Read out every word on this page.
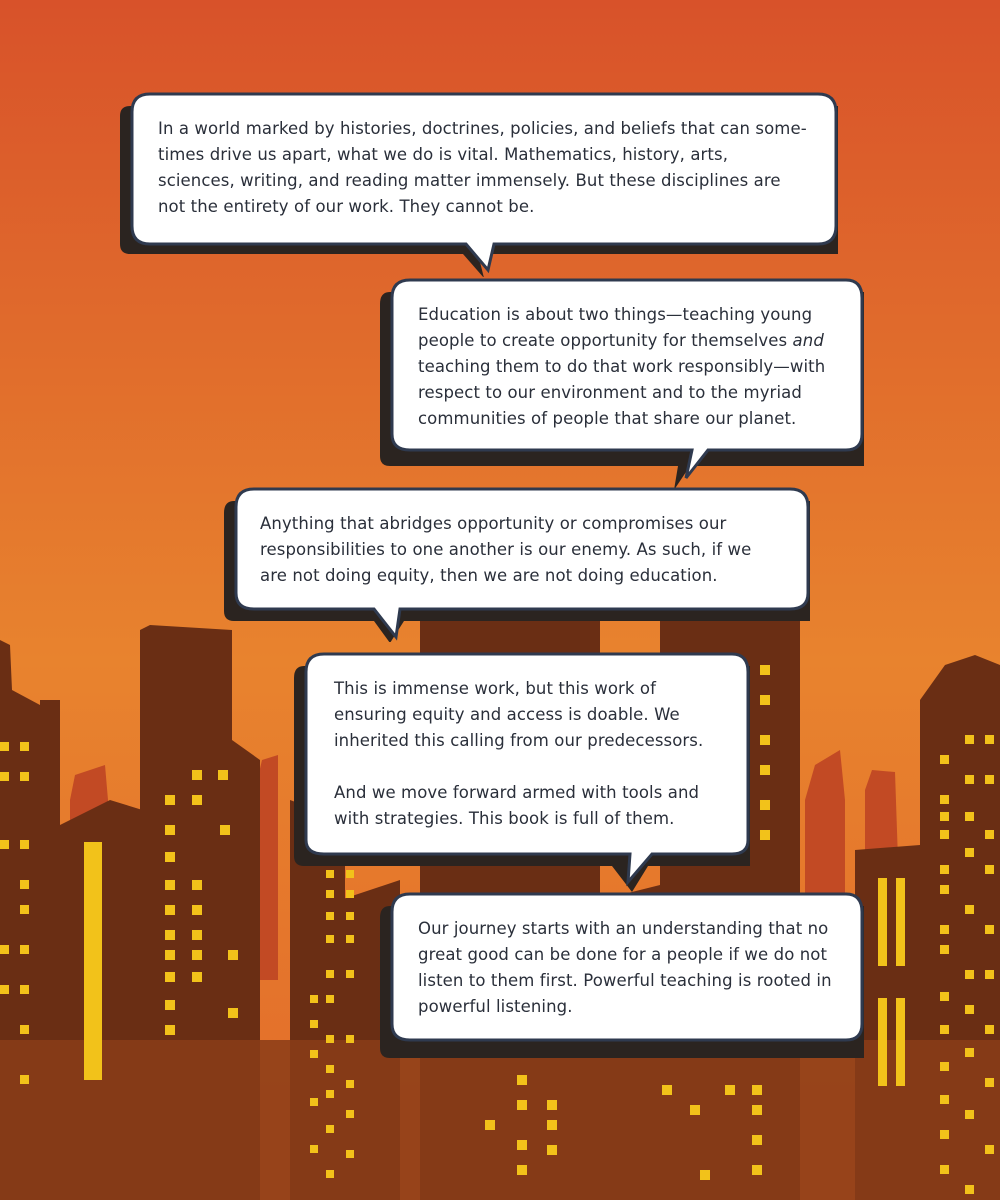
In a world marked by histories, doctrines, policies, and beliefs that can some-times drive us apart, what we do is vital. Mathematics, history, arts, sciences, writing, and reading matter immensely. But these disciplines are not the entirety of our work. They cannot be.

Education is about two things—teaching young people to create opportunity for themselves and teaching them to do that work responsibly—with respect to our environment and to the myriad communities of people that share our planet.

Anything that abridges opportunity or compromises our responsibilities to one another is our enemy. As such, if we are not doing equity, then we are not doing education.

This is immense work, but this work of ensuring equity and access is doable. We inherited this calling from our predecessors.

And we move forward armed with tools and with strategies. This book is full of them.

Our journey starts with an understanding that no great good can be done for a people if we do not listen to them first. Powerful teaching is rooted in powerful listening.
